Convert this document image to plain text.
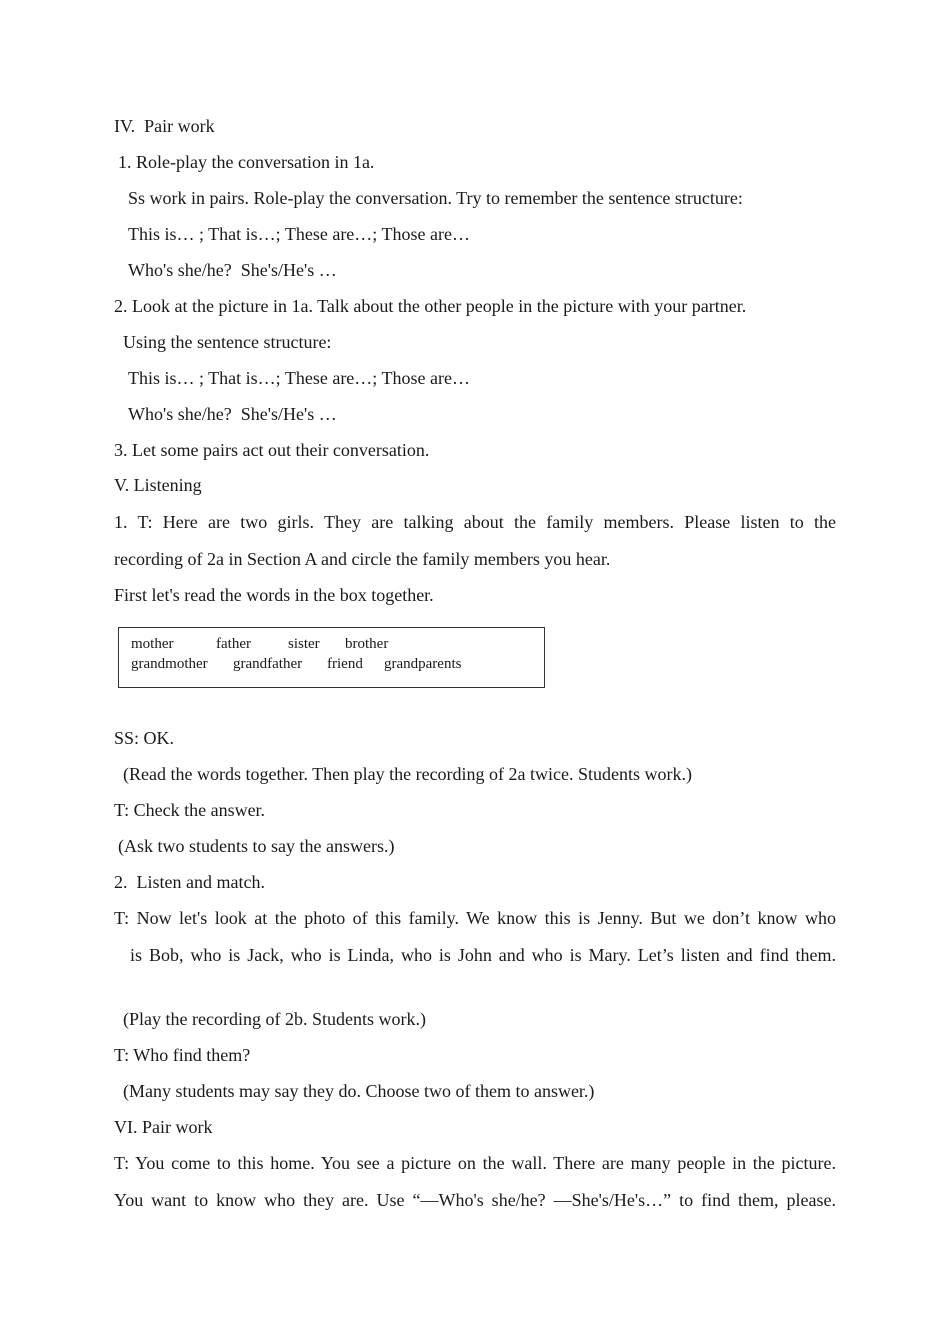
IV.  Pair work
1. Role-play the conversation in 1a.
Ss work in pairs. Role-play the conversation. Try to remember the sentence structure:
This is… ; That is…; These are…; Those are…
Who's she/he?  She's/He's …
2. Look at the picture in 1a. Talk about the other people in the picture with your partner.
Using the sentence structure:
This is… ; That is…; These are…; Those are…
Who's she/he?  She's/He's …
3. Let some pairs act out their conversation.
V. Listening
1. T: Here are two girls. They are talking about the family members. Please listen to the
recording of 2a in Section A and circle the family members you hear.
First let's read the words in the box together.
mother	father sister brother
grandmother grandfather friend grandparents
SS: OK.
(Read the words together. Then play the recording of 2a twice. Students work.)
T: Check the answer.
(Ask two students to say the answers.)
2.  Listen and match.
T: Now let's look at the photo of this family. We know this is Jenny. But we don’t know who
is Bob, who is Jack, who is Linda, who is John and who is Mary. Let’s listen and find them.
(Play the recording of 2b. Students work.)
T: Who find them?
(Many students may say they do. Choose two of them to answer.)
VI. Pair work
T: You come to this home. You see a picture on the wall. There are many people in the picture.
You want to know who they are. Use “—Who's she/he? —She's/He's…” to find them, please.
